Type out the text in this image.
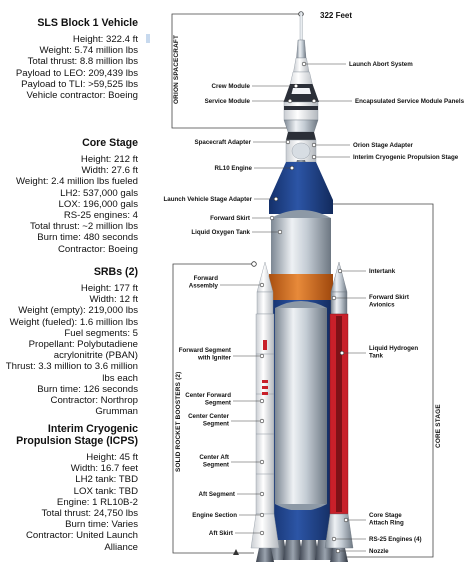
ORION SPACECRAFT
SOLID ROCKET BOOSTERS (2)	CORE STAGE
322 Feet
Crew Module
Service Module
Spacecraft Adapter
RL10 Engine
Launch Vehicle Stage Adapter
Forward Skirt
Liquid Oxygen Tank
Forward Assembly
Forward Segment with Igniter
Center Forward Segment
Center Center Segment
Center Aft Segment
Aft Segment
Engine Section
Aft Skirt
Launch Abort System
Encapsulated Service Module Panels
Orion Stage Adapter
Interim Cryogenic Propulsion Stage
Intertank
Forward Skirt Avionics
Liquid Hydrogen Tank
Core Stage Attach Ring
RS-25 Engines (4)
Nozzle
SLS Block 1 Vehicle
Height: 322.4 ft
Weight: 5.74 million lbs
Total thrust: 8.8 million lbs
Payload to LEO: 209,439 lbs
Payload to TLI: >59,525 lbs
Vehicle contractor: Boeing
Core Stage
Height: 212 ft
Width: 27.6 ft
Weight: 2.4 million lbs fueled
LH2: 537,000 gals
LOX: 196,000 gals
RS-25 engines: 4
Total thrust: ~2 million lbs
Burn time: 480 seconds
Contractor: Boeing
SRBs (2)
Height: 177 ft
Width: 12 ft
Weight (empty): 219,000 lbs
Weight (fueled): 1.6 million lbs
Fuel segments: 5
Propellant: Polybutadiene
acrylonitrite (PBAN)
Thrust: 3.3 million to 3.6 million
lbs each
Burn time: 126 seconds
Contractor: Northrop
Grumman
Interim Cryogenic
Propulsion Stage (ICPS)
Height: 45 ft
Width: 16.7 feet
LH2 tank: TBD
LOX tank: TBD
Engine: 1 RL10B-2
Total thrust: 24,750 lbs
Burn time: Varies
Contractor: United Launch
Alliance
